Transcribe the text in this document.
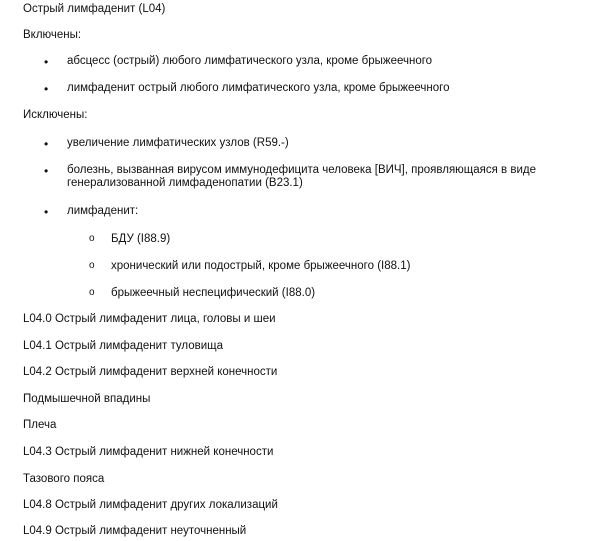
Острый лимфаденит (L04)
Включены:
•	абсцесс (острый) любого лимфатического узла, кроме брыжеечного
•	лимфаденит острый любого лимфатического узла, кроме брыжеечного
Исключены:
•	увеличение лимфатических узлов (R59.-)
•	болезнь, вызванная вирусом иммунодефицита человека [ВИЧ], проявляющаяся в виде генерализованной лимфаденопатии (B23.1)
•	лимфаденит:
o БДУ (I88.9)
o хронический или подострый, кроме брыжеечного (I88.1)
o брыжеечный неспецифический (I88.0)
L04.0 Острый лимфаденит лица, головы и шеи
L04.1 Острый лимфаденит туловища
L04.2 Острый лимфаденит верхней конечности
Подмышечной впадины
Плеча
L04.3 Острый лимфаденит нижней конечности
Тазового пояса
L04.8 Острый лимфаденит других локализаций
L04.9 Острый лимфаденит неуточненный
